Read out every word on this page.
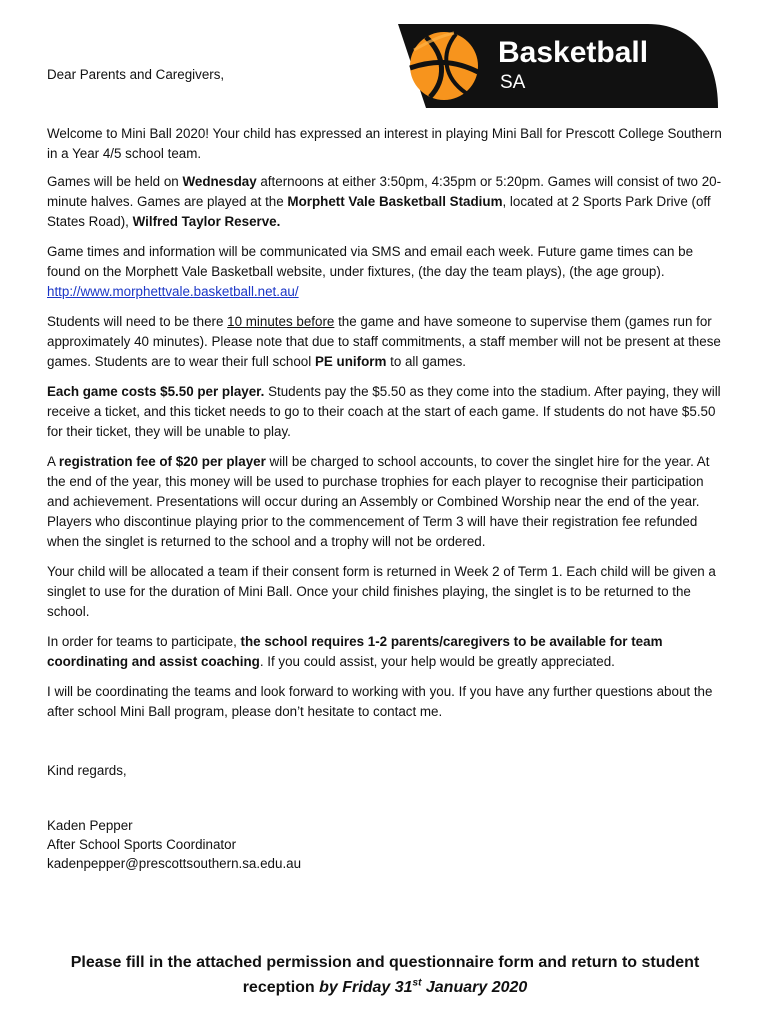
Basketball
SA

Dear Parents and Caregivers,

Welcome to Mini Ball 2020! Your child has expressed an interest in playing Mini Ball for Prescott College Southern in a Year 4/5 school team.

Games will be held on Wednesday afternoons at either 3:50pm, 4:35pm or 5:20pm. Games will consist of two 20-minute halves. Games are played at the Morphett Vale Basketball Stadium, located at 2 Sports Park Drive (off States Road), Wilfred Taylor Reserve.

Game times and information will be communicated via SMS and email each week. Future game times can be found on the Morphett Vale Basketball website, under fixtures, (the day the team plays), (the age group). http://www.morphettvale.basketball.net.au/

Students will need to be there 10 minutes before the game and have someone to supervise them (games run for approximately 40 minutes). Please note that due to staff commitments, a staff member will not be present at these games. Students are to wear their full school PE uniform to all games.

Each game costs $5.50 per player. Students pay the $5.50 as they come into the stadium. After paying, they will receive a ticket, and this ticket needs to go to their coach at the start of each game. If students do not have $5.50 for their ticket, they will be unable to play.

A registration fee of $20 per player will be charged to school accounts, to cover the singlet hire for the year. At the end of the year, this money will be used to purchase trophies for each player to recognise their participation and achievement. Presentations will occur during an Assembly or Combined Worship near the end of the year. Players who discontinue playing prior to the commencement of Term 3 will have their registration fee refunded when the singlet is returned to the school and a trophy will not be ordered.

Your child will be allocated a team if their consent form is returned in Week 2 of Term 1. Each child will be given a singlet to use for the duration of Mini Ball. Once your child finishes playing, the singlet is to be returned to the school.

In order for teams to participate, the school requires 1-2 parents/caregivers to be available for team coordinating and assist coaching. If you could assist, your help would be greatly appreciated.

I will be coordinating the teams and look forward to working with you. If you have any further questions about the after school Mini Ball program, please don’t hesitate to contact me.

Kind regards,

Kaden Pepper
After School Sports Coordinator
kadenpepper@prescottsouthern.sa.edu.au
Please fill in the attached permission and questionnaire form and return to student reception by Friday 31st January 2020
